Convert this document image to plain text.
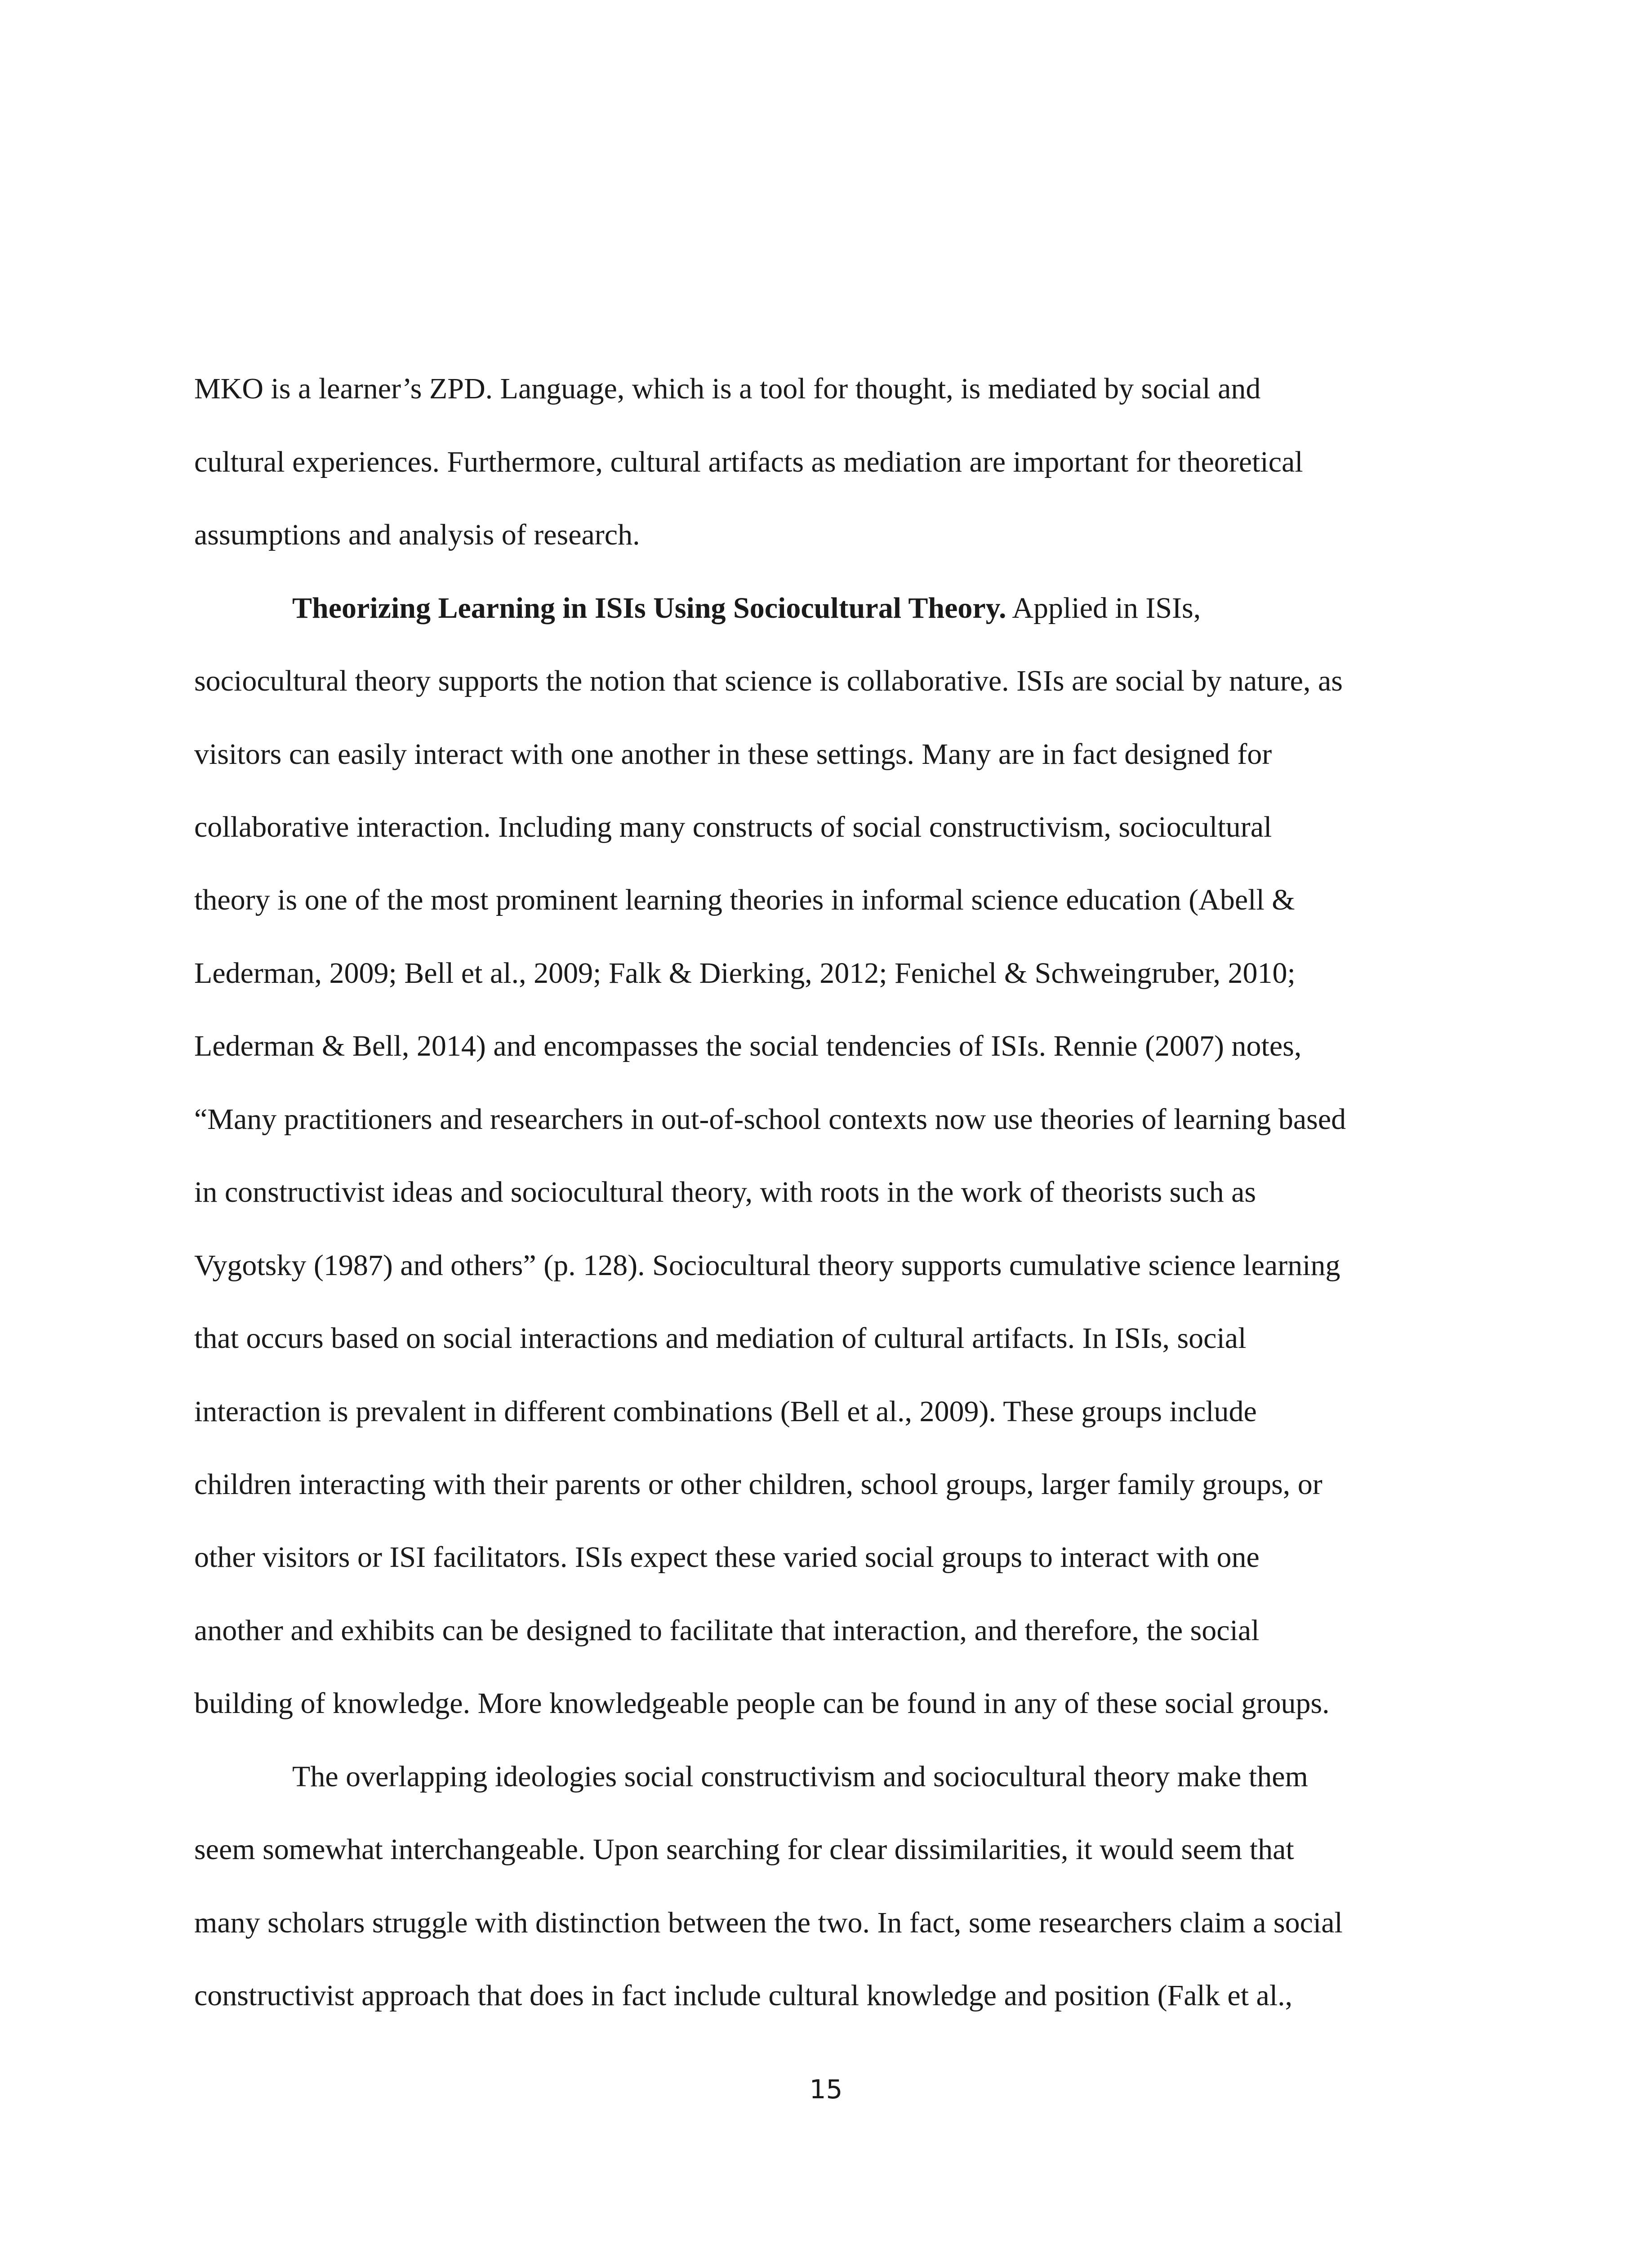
MKO is a learner’s ZPD. Language, which is a tool for thought, is mediated by social and
cultural experiences. Furthermore, cultural artifacts as mediation are important for theoretical
assumptions and analysis of research.
Theorizing Learning in ISIs Using Sociocultural Theory. Applied in ISIs,
sociocultural theory supports the notion that science is collaborative. ISIs are social by nature, as
visitors can easily interact with one another in these settings. Many are in fact designed for
collaborative interaction. Including many constructs of social constructivism, sociocultural
theory is one of the most prominent learning theories in informal science education (Abell &
Lederman, 2009; Bell et al., 2009; Falk & Dierking, 2012; Fenichel & Schweingruber, 2010;
Lederman & Bell, 2014) and encompasses the social tendencies of ISIs. Rennie (2007) notes,
“Many practitioners and researchers in out-of-school contexts now use theories of learning based
in constructivist ideas and sociocultural theory, with roots in the work of theorists such as
Vygotsky (1987) and others” (p. 128). Sociocultural theory supports cumulative science learning
that occurs based on social interactions and mediation of cultural artifacts. In ISIs, social
interaction is prevalent in different combinations (Bell et al., 2009). These groups include
children interacting with their parents or other children, school groups, larger family groups, or
other visitors or ISI facilitators. ISIs expect these varied social groups to interact with one
another and exhibits can be designed to facilitate that interaction, and therefore, the social
building of knowledge. More knowledgeable people can be found in any of these social groups.
The overlapping ideologies social constructivism and sociocultural theory make them
seem somewhat interchangeable. Upon searching for clear dissimilarities, it would seem that
many scholars struggle with distinction between the two. In fact, some researchers claim a social
constructivist approach that does in fact include cultural knowledge and position (Falk et al.,
15
